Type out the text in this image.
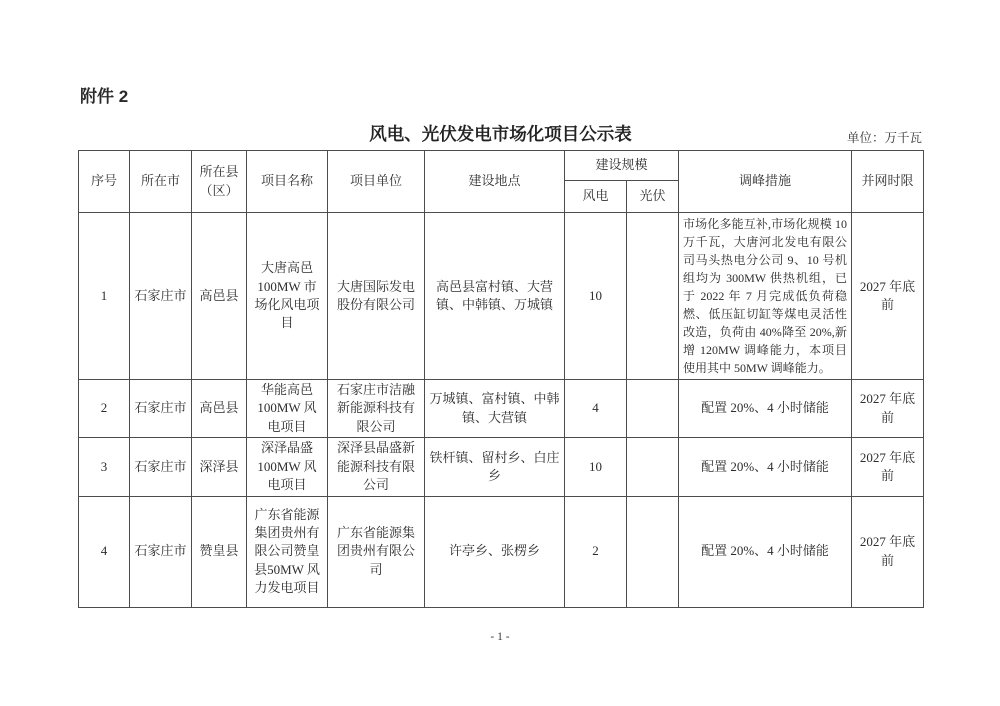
附件 2
风电、光伏发电市场化项目公示表	单位：万千瓦
序号	所在市	所在县（区）	项目名称	项目单位	建设地点	建设规模		调峰措施	并网时限
						风电	光伏		
1	石家庄市	高邑县	大唐高邑100MW 市场化风电项目	大唐国际发电股份有限公司	高邑县富村镇、大营镇、中韩镇、万城镇	10		市场化多能互补,市场化规模 10 万千瓦，大唐河北发电有限公司马头热电分公司 9、10 号机组均为 300MW 供热机组，已于 2022 年 7 月完成低负荷稳燃、低压缸切缸等煤电灵活性改造，负荷由 40%降至 20%,新增 120MW 调峰能力，本项目使用其中 50MW 调峰能力。	2027 年底前
2	石家庄市	高邑县	华能高邑100MW 风电项目	石家庄市洁融新能源科技有限公司	万城镇、富村镇、中韩镇、大营镇	4		配置 20%、4 小时储能	2027 年底前
3	石家庄市	深泽县	深泽晶盛100MW 风电项目	深泽县晶盛新能源科技有限公司	铁杆镇、留村乡、白庄乡	10		配置 20%、4 小时储能	2027 年底前
4	石家庄市	赞皇县	广东省能源集团贵州有限公司赞皇县50MW 风力发电项目	广东省能源集团贵州有限公司	许亭乡、张楞乡	2		配置 20%、4 小时储能	2027 年底前
- 1 -
